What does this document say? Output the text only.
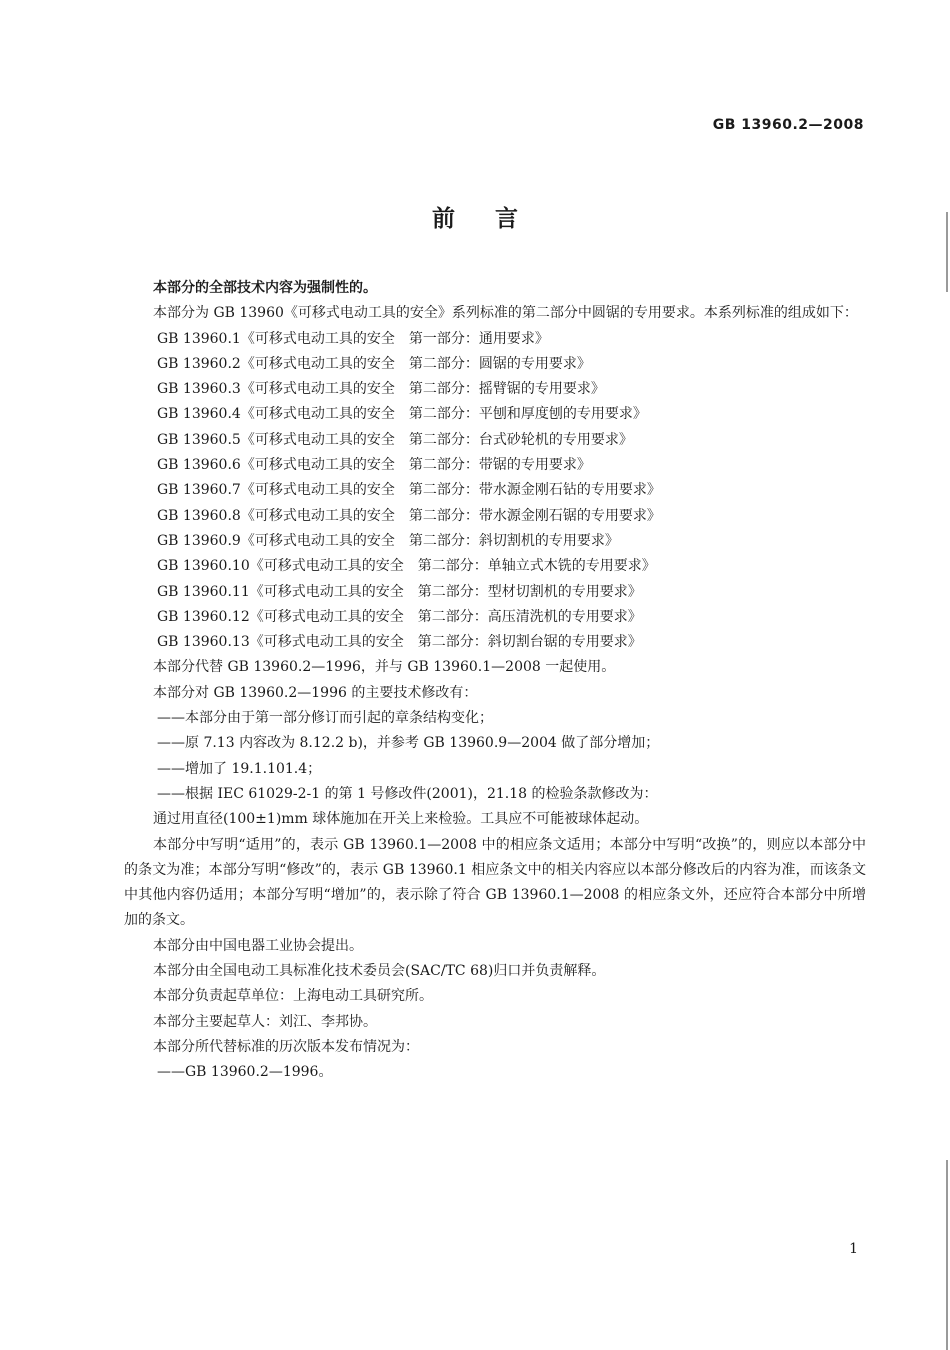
GB 13960.2—2008
前言

本部分的全部技术内容为强制性的。

本部分为 GB 13960《可移式电动工具的安全》系列标准的第二部分中圆锯的专用要求。本系列标准的组成如下：

GB 13960.1《可移式电动工具的安全　第一部分：通用要求》

GB 13960.2《可移式电动工具的安全　第二部分：圆锯的专用要求》

GB 13960.3《可移式电动工具的安全　第二部分：摇臂锯的专用要求》

GB 13960.4《可移式电动工具的安全　第二部分：平刨和厚度刨的专用要求》

GB 13960.5《可移式电动工具的安全　第二部分：台式砂轮机的专用要求》

GB 13960.6《可移式电动工具的安全　第二部分：带锯的专用要求》

GB 13960.7《可移式电动工具的安全　第二部分：带水源金刚石钻的专用要求》

GB 13960.8《可移式电动工具的安全　第二部分：带水源金刚石锯的专用要求》

GB 13960.9《可移式电动工具的安全　第二部分：斜切割机的专用要求》

GB 13960.10《可移式电动工具的安全　第二部分：单轴立式木铣的专用要求》

GB 13960.11《可移式电动工具的安全　第二部分：型材切割机的专用要求》

GB 13960.12《可移式电动工具的安全　第二部分：高压清洗机的专用要求》

GB 13960.13《可移式电动工具的安全　第二部分：斜切割台锯的专用要求》

本部分代替 GB 13960.2—1996，并与 GB 13960.1—2008 一起使用。

本部分对 GB 13960.2—1996 的主要技术修改有：

——本部分由于第一部分修订而引起的章条结构变化；

——原 7.13 内容改为 8.12.2 b)，并参考 GB 13960.9—2004 做了部分增加；

——增加了 19.1.101.4；

——根据 IEC 61029-2-1 的第 1 号修改件(2001)，21.18 的检验条款修改为：

通过用直径(100±1)mm 球体施加在开关上来检验。工具应不可能被球体起动。

本部分中写明“适用”的，表示 GB 13960.1—2008 中的相应条文适用；本部分中写明“改换”的，则应以本部分中的条文为准；本部分写明“修改”的，表示 GB 13960.1 相应条文中的相关内容应以本部分修改后的内容为准，而该条文中其他内容仍适用；本部分写明“增加”的，表示除了符合 GB 13960.1—2008 的相应条文外，还应符合本部分中所增加的条文。

本部分由中国电器工业协会提出。

本部分由全国电动工具标准化技术委员会(SAC/TC 68)归口并负责解释。

本部分负责起草单位：上海电动工具研究所。

本部分主要起草人：刘江、李邦协。

本部分所代替标准的历次版本发布情况为：

——GB 13960.2—1996。

1
